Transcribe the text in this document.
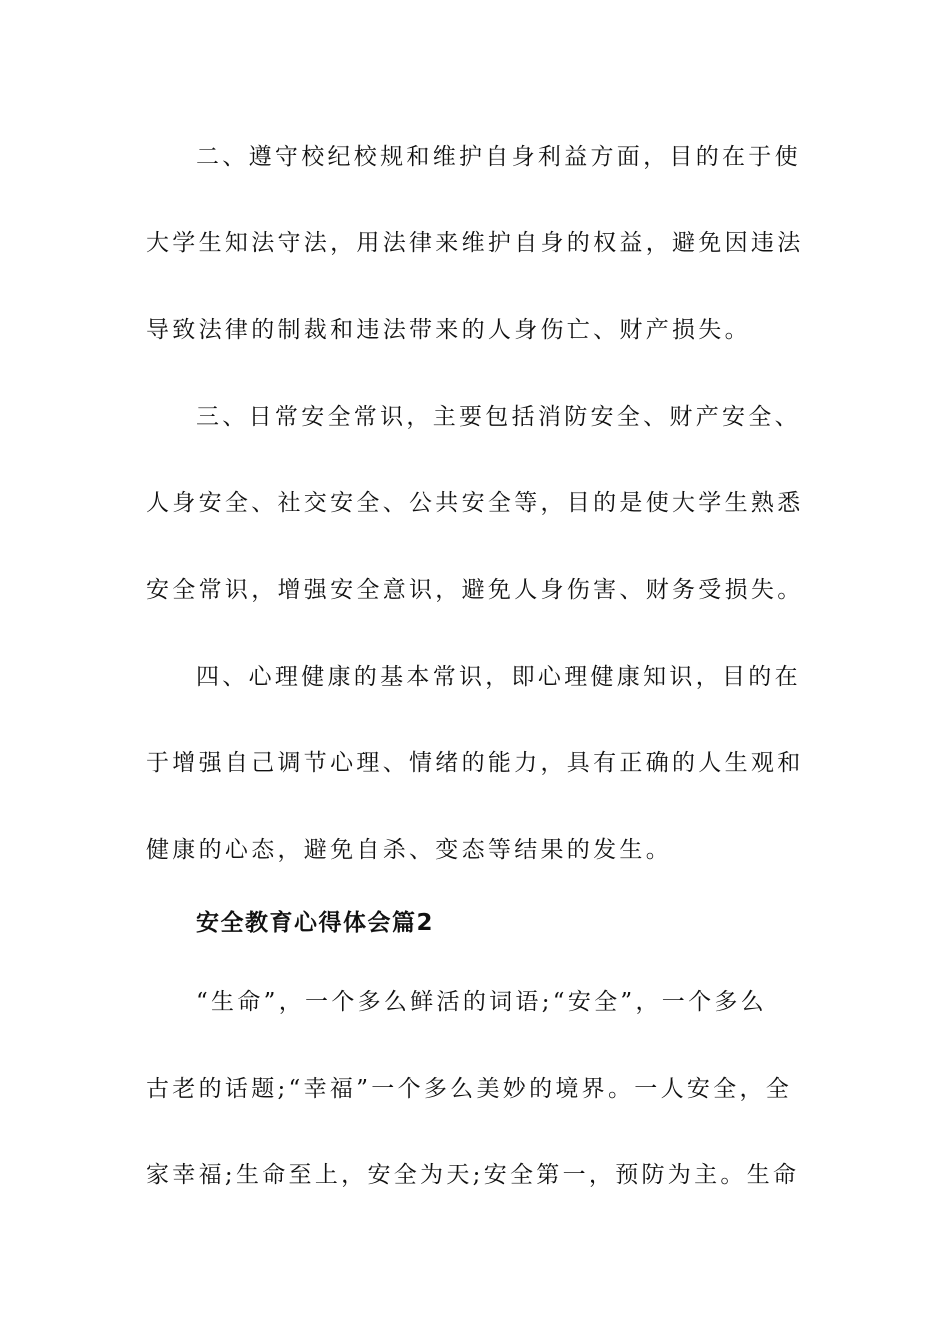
二、遵守校纪校规和维护自身利益方面，目的在于使
大学生知法守法，用法律来维护自身的权益，避免因违法
导致法律的制裁和违法带来的人身伤亡、财产损失。
三、日常安全常识，主要包括消防安全、财产安全、
人身安全、社交安全、公共安全等，目的是使大学生熟悉
安全常识，增强安全意识，避免人身伤害、财务受损失。
四、心理健康的基本常识，即心理健康知识，目的在
于增强自己调节心理、情绪的能力，具有正确的人生观和
健康的心态，避免自杀、变态等结果的发生。
安全教育心得体会篇2
“生命”，一个多么鲜活的词语;“安全”，一个多么
古老的话题;“幸福”一个多么美妙的境界。一人安全，全
家幸福;生命至上，安全为天;安全第一，预防为主。生命
